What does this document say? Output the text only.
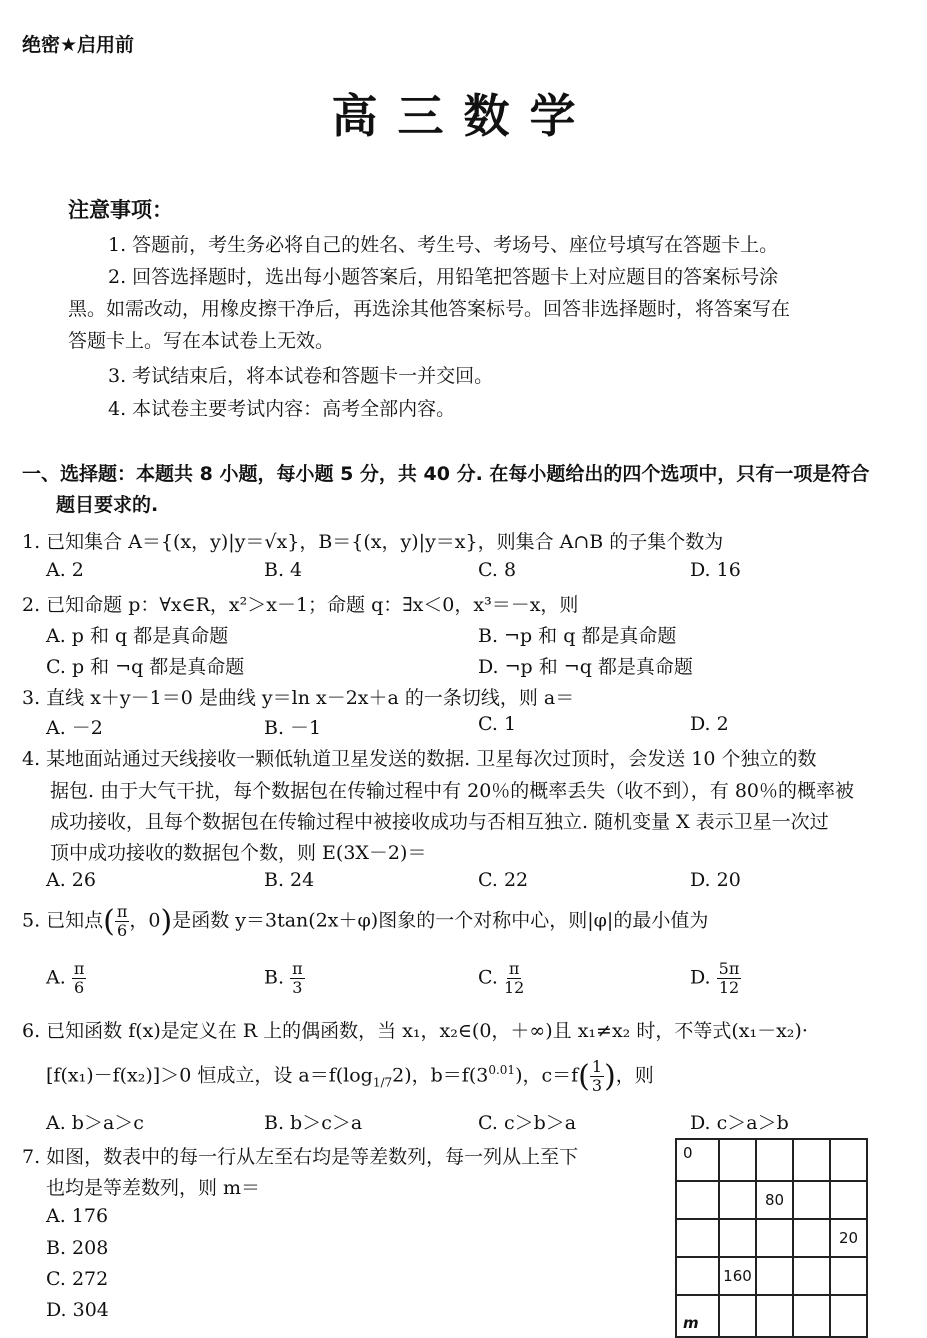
绝密★启用前
高三数学
注意事项：
1. 答题前，考生务必将自己的姓名、考生号、考场号、座位号填写在答题卡上。
2. 回答选择题时，选出每小题答案后，用铅笔把答题卡上对应题目的答案标号涂
黑。如需改动，用橡皮擦干净后，再选涂其他答案标号。回答非选择题时，将答案写在
答题卡上。写在本试卷上无效。
3. 考试结束后，将本试卷和答题卡一并交回。
4. 本试卷主要考试内容：高考全部内容。
一、选择题：本题共 8 小题，每小题 5 分，共 40 分. 在每小题给出的四个选项中，只有一项是符合
题目要求的.
1. 已知集合 A＝{(x，y)|y＝√x}，B＝{(x，y)|y＝x}，则集合 A∩B 的子集个数为
A. 2	B. 4	C. 8	D. 16
2. 已知命题 p：∀x∈R，x²＞x－1；命题 q：∃x＜0，x³＝－x，则
A. p 和 q 都是真命题	B. ¬p 和 q 都是真命题
C. p 和 ¬q 都是真命题	D. ¬p 和 ¬q 都是真命题
3. 直线 x＋y－1＝0 是曲线 y＝ln x－2x＋a 的一条切线，则 a＝
A. －2	B. －1	C. 1	D. 2
4. 某地面站通过天线接收一颗低轨道卫星发送的数据. 卫星每次过顶时，会发送 10 个独立的数
据包. 由于大气干扰，每个数据包在传输过程中有 20％的概率丢失（收不到），有 80％的概率被
成功接收，且每个数据包在传输过程中被接收成功与否相互独立. 随机变量 X 表示卫星一次过
顶中成功接收的数据包个数，则 E(3X－2)＝
A. 26	B. 24	C. 22	D. 20
5. 已知点( $\frac{\pi}{6}$ ，0)是函数 y＝3tan(2x＋φ)图象的一个对称中心，则|φ|的最小值为
A. $\frac{\pi}{6}$	B. $\frac{\pi}{3}$	C. $\frac{\pi}{12}$	D. $\frac{5\pi}{12}$
6. 已知函数 f(x)是定义在 R 上的偶函数，当 x₁，x₂∈(0，＋∞)且 x₁≠x₂ 时，不等式(x₁－x₂)·
[f(x₁)－f(x₂)]＞0 恒成立，设 $a=f(\log_{1/7}2)$，$b=f(3^{0.01})$，$c=f( \frac{1}{3}$ )，则
A. b＞a＞c	B. b＞c＞a	C. c＞b＞a	D. c＞a＞b
7. 如图，数表中的每一行从左至右均是等差数列，每一列从上至下
也均是等差数列，则 m＝
A. 176
B. 208
C. 272
D. 304
0				
		80		
				20
	160			
m				
